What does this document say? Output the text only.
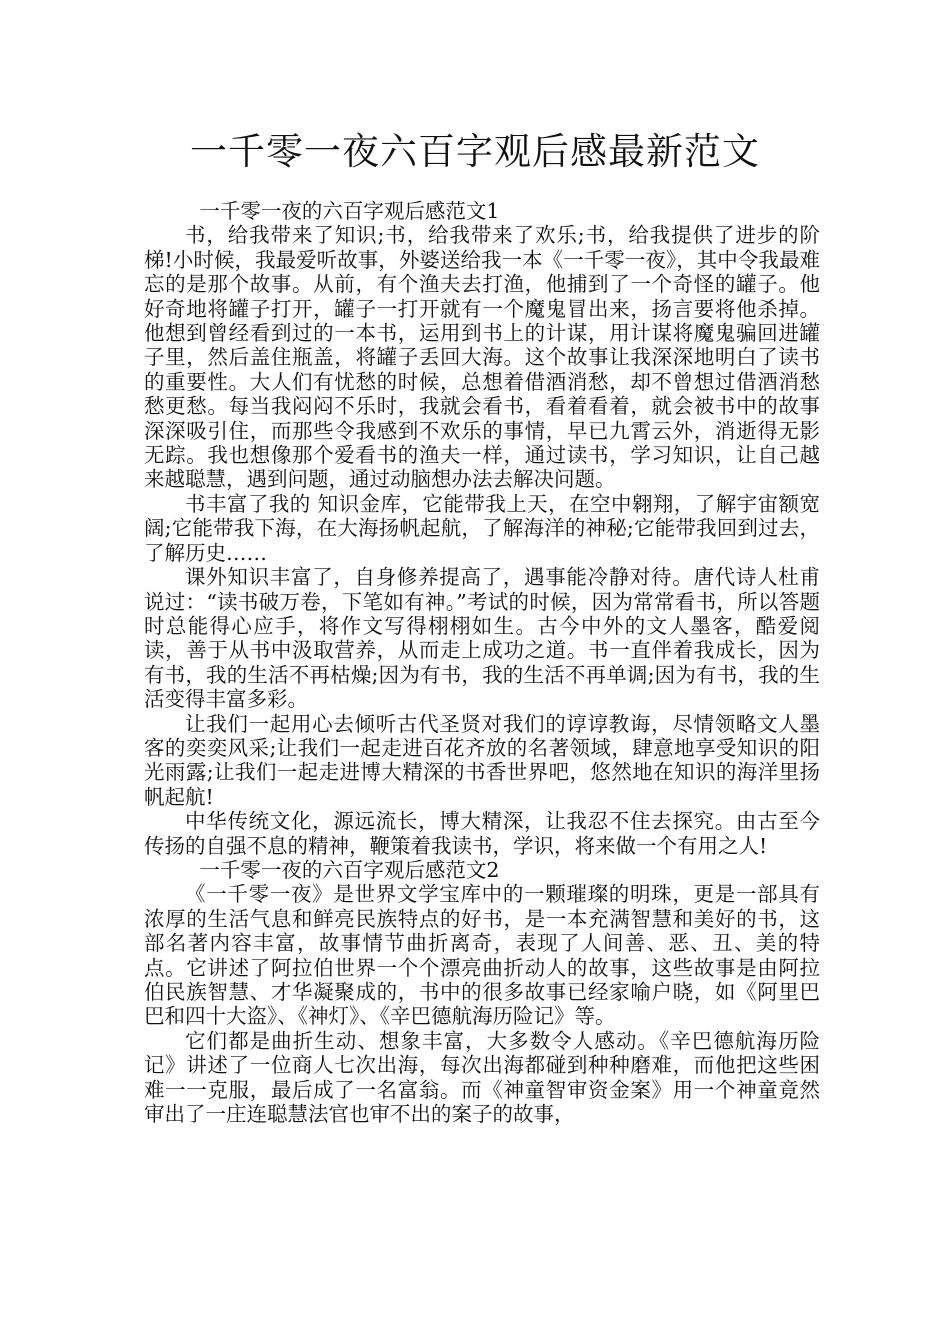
一千零一夜六百字观后感最新范文

一千零一夜的六百字观后感范文1

书，给我带来了知识;书，给我带来了欢乐;书，给我提供了进步的阶梯!小时候，我最爱听故事，外婆送给我一本《一千零一夜》，其中令我最难忘的是那个故事。从前，有个渔夫去打渔，他捕到了一个奇怪的罐子。他好奇地将罐子打开，罐子一打开就有一个魔鬼冒出来，扬言要将他杀掉。他想到曾经看到过的一本书，运用到书上的计谋，用计谋将魔鬼骗回进罐子里，然后盖住瓶盖，将罐子丢回大海。这个故事让我深深地明白了读书的重要性。大人们有忧愁的时候，总想着借酒消愁，却不曾想过借酒消愁愁更愁。每当我闷闷不乐时，我就会看书，看着看着，就会被书中的故事深深吸引住，而那些令我感到不欢乐的事情，早已九霄云外，消逝得无影无踪。我也想像那个爱看书的渔夫一样，通过读书，学习知识，让自己越来越聪慧，遇到问题，通过动脑想办法去解决问题。

书丰富了我的 知识金库，它能带我上天，在空中翱翔，了解宇宙额宽阔;它能带我下海，在大海扬帆起航，了解海洋的神秘;它能带我回到过去，了解历史……

课外知识丰富了，自身修养提高了，遇事能冷静对待。唐代诗人杜甫说过：“读书破万卷，下笔如有神。”考试的时候，因为常常看书，所以答题时总能得心应手，将作文写得栩栩如生。古今中外的文人墨客，酷爱阅读，善于从书中汲取营养，从而走上成功之道。书一直伴着我成长，因为有书，我的生活不再枯燥;因为有书，我的生活不再单调;因为有书，我的生活变得丰富多彩。

让我们一起用心去倾听古代圣贤对我们的谆谆教诲，尽情领略文人墨客的奕奕风采;让我们一起走进百花齐放的名著领域，肆意地享受知识的阳光雨露;让我们一起走进博大精深的书香世界吧，悠然地在知识的海洋里扬帆起航!

中华传统文化，源远流长，博大精深，让我忍不住去探究。由古至今传扬的自强不息的精神，鞭策着我读书，学识，将来做一个有用之人!

一千零一夜的六百字观后感范文2

《一千零一夜》是世界文学宝库中的一颗璀璨的明珠，更是一部具有浓厚的生活气息和鲜亮民族特点的好书，是一本充满智慧和美好的书，这部名著内容丰富，故事情节曲折离奇，表现了人间善、恶、丑、美的特点。它讲述了阿拉伯世界一个个漂亮曲折动人的故事，这些故事是由阿拉伯民族智慧、才华凝聚成的，书中的很多故事已经家喻户晓，如《阿里巴巴和四十大盗》、《神灯》、《辛巴德航海历险记》等。

它们都是曲折生动、想象丰富，大多数令人感动。《辛巴德航海历险记》讲述了一位商人七次出海，每次出海都碰到种种磨难，而他把这些困难一一克服，最后成了一名富翁。而《神童智审资金案》用一个神童竟然审出了一庄连聪慧法官也审不出的案子的故事，
